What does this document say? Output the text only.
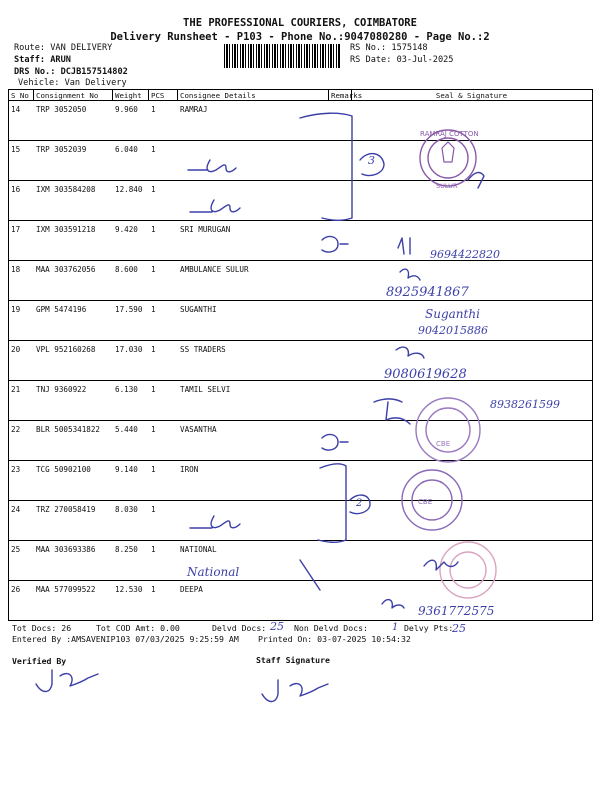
THE PROFESSIONAL COURIERS, COIMBATORE
Delivery Runsheet - P103 - Phone No.:9047080280 - Page No.:2
Route: VAN DELIVERY
Staff: ARUN
DRS No.: DCJB157514802
Vehicle: Van Delivery
RS No.: 1575148
RS Date: 03-Jul-2025
S No Consignment No Weight PCS Consignee Details	Remarks	Seal & Signature
14 TRP 3052050	9.960 1	RAMRAJ
15 TRP 3052039	6.040 1
16 IXM 303584208	12.840 1
17 IXM 303591218	9.420 1	SRI MURUGAN
18 MAA 303762056	8.600 1	AMBULANCE SULUR
19 GPM 5474196	17.590 1	SUGANTHI
20 VPL 952160268	17.030 1	SS TRADERS
21 TNJ 9360922	6.130 1	TAMIL SELVI
22 BLR 5005341822 5.440 1	VASANTHA
23 TCG 50902100	9.140 1	IRON
24 TRZ 270058419	8.030 1
25 MAA 303693386	8.250 1	NATIONAL
26 MAA 577099522	12.530 1	DEEPA
3
2
RAMRAJ COTTON
SULUR
9694422820
8925941867
Suganthi
9042015886
9080619628
8938261599
CBE
CBE
National
9361772575
25	1	25
Tot Docs: 26	Tot COD Amt: 0.00	Delvd Docs:	Non Delvd Docs:	Delvy Pts:
Entered By :AMSAVENIP103 07/03/2025 9:25:59 AM Printed On: 03-07-2025 10:54:32
Verified By	Staff Signature
